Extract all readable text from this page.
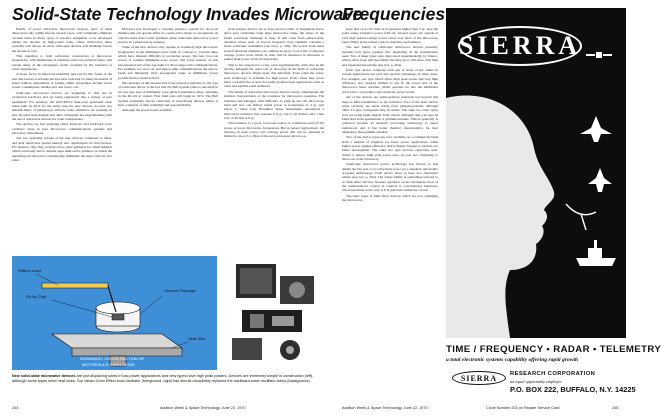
Solid-State Technology Invades Microwave
Frequencies

Family of novel solid-state microwave devices, most of them discovered only within the last several years, will completely eliminate vacuum tubes in many types of avionics equipment to be developed during the decade. In high-power radar, where microwave tubes probably will always be used, solid-state devices will challenge before the decade is over.

This transition to fully solid-state construction at microwave frequencies, with elimination of transistor and local oscillator tubes, will extend many of the advantages earlier provided by the transistor at lower frequencies.

A major factor in improved reliability and service life. Some of the new microwave solid-state devices have operated for many thousands of hours without degradation or failure. Other advantages include lower power consumption, smaller size and lower cost.

Solid-state microwave devices are beginning to find use in production hardware and are being engineered into a variety of new equipment. For instance, the ANC/PPS-9 man-pack personnel radar being built by RCA for the Army uses the new devices. At least two manufacturers of pulsed-type airborne radar altimeters are working on new all solid-state designs and other companies are experimenting with the use of solid-state devices for radar transponders.

The devices are fast replacing reflex klystrons and backward wave oscillator tubes in new microwave communications systems and laboratory instruments.

The low operating voltage of the new devices, compared to tubes, and their small size permit entirely new applications for microwaves. For instance, they may provide active radar guidance for small missiles which previously had to depend upon semi-active guidance in which the launching aircraft had to continuously illuminate the target with its own radar.

Motorola has developed a versatile guidance system for air-to-air missiles that can operate either in a semi-active mode or can generate its own Ka-band active radar guidance using solid-state microwave power sources in a phased-array antenna.

Some of the new devices only operate at extremely high microwave frequencies, in the millimeter-wave band, in contrast to vacuum tubes which have inherent difficulty in producing power. The new low-cost source of reliable millimeter-wave power will focus interest on this unconquered part of the spectrum for short-range radio communications. For example, for air-to-air and ship-to-ship communications the narrow beam and inherently short propagation range of millimeter waves provide much-wanted privacy.

One measure of this interest and of the present popularity of one type of solid-state device is the fact that the Bell System plans to use them in its own new type of millimeter wave guide transmission lines, operating in the 40-110 gc region. First field tests will begin in 1974. The Bell System eventually moves cautiously in introducing devices unless it feels confident of their reliability and reproducibility.

Although the power levels available

from present devices are at least several orders of magnitude below those now obtainable from large microwave tubes, the shape of the future solid-state challenge is clear. It will come from phased-array antennas where each of several thousand array elements contains a small solid-state transmitter (see story, p. 169). The power from these several thousand elements can combine in space to provide a collective average power level which in time will be measured in kilowatts at pulsed peak power levels in megawatts.

This is not expected to occur, even experimentally, until later in the decade, although the rapid rate of discovery in the field of solid-state microwave devices might upset this timetable. Even when the solid-state technology is available for high power levels, tubes may prove more cost-effective at least for some ground-based applications such as radar and satellite earth terminals.

The family of solid-state microwave devices nicely complements the intrinsic characteristics of the transistor for microwave operation. The transistor has emerged, with difficulty, to push up into the microwave band and now can deliver useful power at frequencies of 4 gc, just below C band. Last December Texas Instruments announced a microwave transistor that operates at 9 gc, but it can deliver only 1 mw CW, or 20 mw at 6 gc.

The transistor is a good, low-noise source of continuous-wave (CW) power at lower microwave frequencies. But in pulsed applications, the increase in peak power over average power that can be obtained is limited to about 3:1. Most of the new solid-state devices op-

erate best on a CW basis at frequencies higher than 5 gc, near the point where transistor power falls off. Several types can operate at very high pulsed-voltage power ratios over most of the microwave band, filling in the pulsed voids in transistor performance.

The new family of solid-state microwave devices presently includes four types, perhaps five, depending on the classification used. Two of these types were discovered experimentally, by chance, which offers hope that the family size may grow still more with time and expanded knowledge (see box, p. 204).

Each type device competes with one or more of the others in certain applications but each has specific advantages in other areas. For example, one type which offers high peak power and very high efficiency now appears limited to use in the lower end of the microwave band. Another, which operates far into the millimeter wave band, can produce only moderate power levels.

All of the devices are semiconductor materials but beyond this there is little resemblance to the transistor. Two of the basic device types currently are made solely from gallium-arsenide, although other 3-5 type compounds may be usable. The other two basic types now are being made largely from silicon, although they can also be fabricated from germanium or gallium-arsenide. Silicon generally is preferred because its material processing technology is better understood and it has better thermal characteristics for heat dissipation than gallium-arsenide.

Two of the device types are now available on a commercial basis from a number of suppliers for lower power applications, while higher-power, higher-efficiency and/or higher frequency versions are under development. The other two type devices, especially well-suited to pulsed, high peak power uses, are just now beginning to move out of the laboratory.

Solid-state microwave device technology has moved so fast during the last year or two that there is not yet a standard, universally accepted terminology. Each device bears at least two alternative names (see box, p. 204). The whole family is sometimes referred to as 'bulk effect devices' because operation occurs throughout most of the semiconductor crystal in contrast to conventional transistors where functions occur only at P-N junctions within the crystal.

The basic types of bulk effect devices which are now reshaping the microwave

Ribbon Lead
Ge Ac Chip
Ceramic Package
Heat Sink
SCHEMATIC CROSS-SECTION OF
MOTOROLA'S GUNN DIODE
New solid-state microwave devices are just displacing tubes in low-power applications and new types have high peak powers. Devices are extremely simple in construction (left), although some types need heat sinks. Top Varian Gunn Effect local oscillator (foreground, right) has almost completely replaced the backward wave oscillator tubes (background).
204	Aviation Week & Space Technology, June 22, 1970	Aviation Week & Space Technology, June 22, 1970	Circle Number 203 on Reader Service Card	205
SIERRA
TIME / FREQUENCY • RADAR • TELEMETRY
a total electronic systems capability offering rapid growth
SIERRA RESEARCH CORPORATION
an equal opportunity employer
P.O. BOX 222, BUFFALO, N.Y. 14225
